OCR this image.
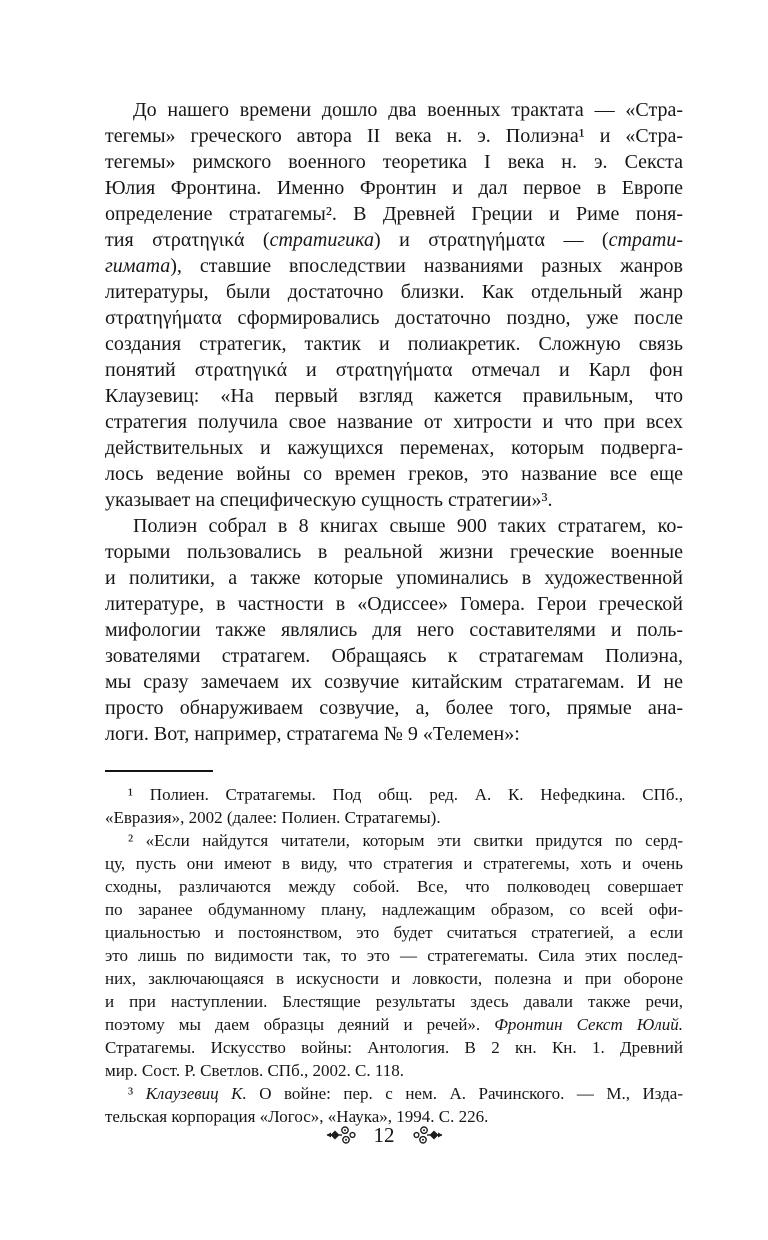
До нашего времени дошло два военных трактата — «Стра-
тегемы» греческого автора II века н. э. Полиэна¹ и «Стра-
тегемы» римского военного теоретика I века н. э. Секста
Юлия Фронтина. Именно Фронтин и дал первое в Европе
определение стратагемы². В Древней Греции и Риме поня-
тия στρατηγικά (стратигика) и στρατηγήματα — (страти-
гимата), ставшие впоследствии названиями разных жанров
литературы, были достаточно близки. Как отдельный жанр
στρατηγήματα сформировались достаточно поздно, уже после
создания стратегик, тактик и полиакретик. Сложную связь
понятий στρατηγικά и στρατηγήματα отмечал и Карл фон
Клаузевиц: «На первый взгляд кажется правильным, что
стратегия получила свое название от хитрости и что при всех
действительных и кажущихся переменах, которым подверга-
лось ведение войны со времен греков, это название все еще
указывает на специфическую сущность стратегии»³.
Полиэн собрал в 8 книгах свыше 900 таких стратагем, ко-
торыми пользовались в реальной жизни греческие военные
и политики, а также которые упоминались в художественной
литературе, в частности в «Одиссее» Гомера. Герои греческой
мифологии также являлись для него составителями и поль-
зователями стратагем. Обращаясь к стратагемам Полиэна,
мы сразу замечаем их созвучие китайским стратагемам. И не
просто обнаруживаем созвучие, а, более того, прямые ана-
логи. Вот, например, стратагема № 9 «Телемен»:
¹ Полиен. Стратагемы. Под общ. ред. А. К. Нефедкина. СПб.,
«Евразия», 2002 (далее: Полиен. Стратагемы).
² «Если найдутся читатели, которым эти свитки придутся по серд-
цу, пусть они имеют в виду, что стратегия и стратегемы, хоть и очень
сходны, различаются между собой. Все, что полководец совершает
по заранее обдуманному плану, надлежащим образом, со всей офи-
циальностью и постоянством, это будет считаться стратегией, а если
это лишь по видимости так, то это — стратегематы. Сила этих послед-
них, заключающаяся в искусности и ловкости, полезна и при обороне
и при наступлении. Блестящие результаты здесь давали также речи,
поэтому мы даем образцы деяний и речей». Фронтин Секст Юлий.
Стратагемы. Искусство войны: Антология. В 2 кн. Кн. 1. Древний
мир. Сост. Р. Светлов. СПб., 2002. С. 118.
³ Клаузевиц К. О войне: пер. с нем. А. Рачинского. — М., Изда-
тельская корпорация «Логос», «Наука», 1994. С. 226.
12
